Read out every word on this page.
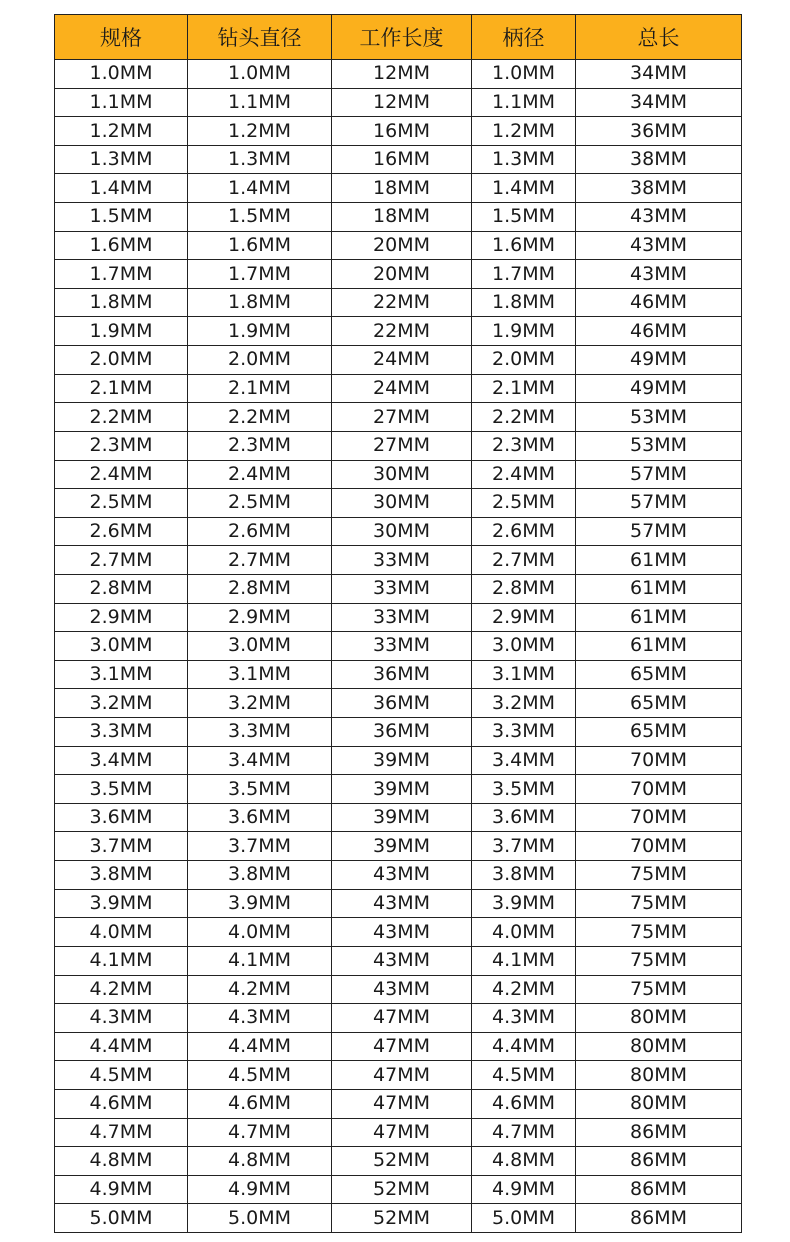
规格	钻头直径	工作长度	柄径	总长
1.0MM	1.0MM	12MM	1.0MM	34MM
1.1MM	1.1MM	12MM	1.1MM	34MM
1.2MM	1.2MM	16MM	1.2MM	36MM
1.3MM	1.3MM	16MM	1.3MM	38MM
1.4MM	1.4MM	18MM	1.4MM	38MM
1.5MM	1.5MM	18MM	1.5MM	43MM
1.6MM	1.6MM	20MM	1.6MM	43MM
1.7MM	1.7MM	20MM	1.7MM	43MM
1.8MM	1.8MM	22MM	1.8MM	46MM
1.9MM	1.9MM	22MM	1.9MM	46MM
2.0MM	2.0MM	24MM	2.0MM	49MM
2.1MM	2.1MM	24MM	2.1MM	49MM
2.2MM	2.2MM	27MM	2.2MM	53MM
2.3MM	2.3MM	27MM	2.3MM	53MM
2.4MM	2.4MM	30MM	2.4MM	57MM
2.5MM	2.5MM	30MM	2.5MM	57MM
2.6MM	2.6MM	30MM	2.6MM	57MM
2.7MM	2.7MM	33MM	2.7MM	61MM
2.8MM	2.8MM	33MM	2.8MM	61MM
2.9MM	2.9MM	33MM	2.9MM	61MM
3.0MM	3.0MM	33MM	3.0MM	61MM
3.1MM	3.1MM	36MM	3.1MM	65MM
3.2MM	3.2MM	36MM	3.2MM	65MM
3.3MM	3.3MM	36MM	3.3MM	65MM
3.4MM	3.4MM	39MM	3.4MM	70MM
3.5MM	3.5MM	39MM	3.5MM	70MM
3.6MM	3.6MM	39MM	3.6MM	70MM
3.7MM	3.7MM	39MM	3.7MM	70MM
3.8MM	3.8MM	43MM	3.8MM	75MM
3.9MM	3.9MM	43MM	3.9MM	75MM
4.0MM	4.0MM	43MM	4.0MM	75MM
4.1MM	4.1MM	43MM	4.1MM	75MM
4.2MM	4.2MM	43MM	4.2MM	75MM
4.3MM	4.3MM	47MM	4.3MM	80MM
4.4MM	4.4MM	47MM	4.4MM	80MM
4.5MM	4.5MM	47MM	4.5MM	80MM
4.6MM	4.6MM	47MM	4.6MM	80MM
4.7MM	4.7MM	47MM	4.7MM	86MM
4.8MM	4.8MM	52MM	4.8MM	86MM
4.9MM	4.9MM	52MM	4.9MM	86MM
5.0MM	5.0MM	52MM	5.0MM	86MM
